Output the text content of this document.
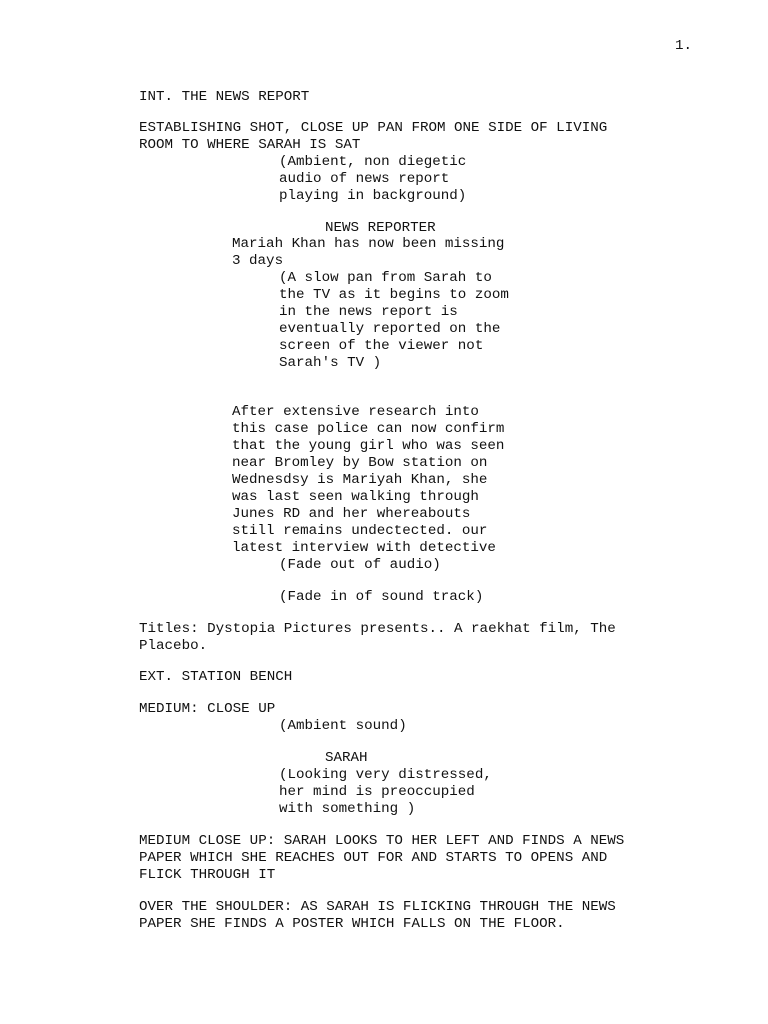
1.

INT. THE NEWS REPORT

ESTABLISHING SHOT, CLOSE UP PAN FROM ONE SIDE OF LIVING

ROOM TO WHERE SARAH IS SAT

(Ambient, non diegetic

audio of news report

playing in background)

NEWS REPORTER

Mariah Khan has now been missing

3 days

(A slow pan from Sarah to

the TV as it begins to zoom

in the news report is

eventually reported on the

screen of the viewer not

Sarah's TV )

After extensive research into

this case police can now confirm

that the young girl who was seen

near Bromley by Bow station on

Wednesdsy is Mariyah Khan, she

was last seen walking through

Junes RD and her whereabouts

still remains undectected. our

latest interview with detective

(Fade out of audio)

(Fade in of sound track)

Titles: Dystopia Pictures presents.. A raekhat film, The

Placebo.

EXT. STATION BENCH

MEDIUM: CLOSE UP

(Ambient sound)

SARAH

(Looking very distressed,

her mind is preoccupied

with something )

MEDIUM CLOSE UP: SARAH LOOKS TO HER LEFT AND FINDS A NEWS

PAPER WHICH SHE REACHES OUT FOR AND STARTS TO OPENS AND

FLICK THROUGH IT

OVER THE SHOULDER: AS SARAH IS FLICKING THROUGH THE NEWS

PAPER SHE FINDS A POSTER WHICH FALLS ON THE FLOOR.
